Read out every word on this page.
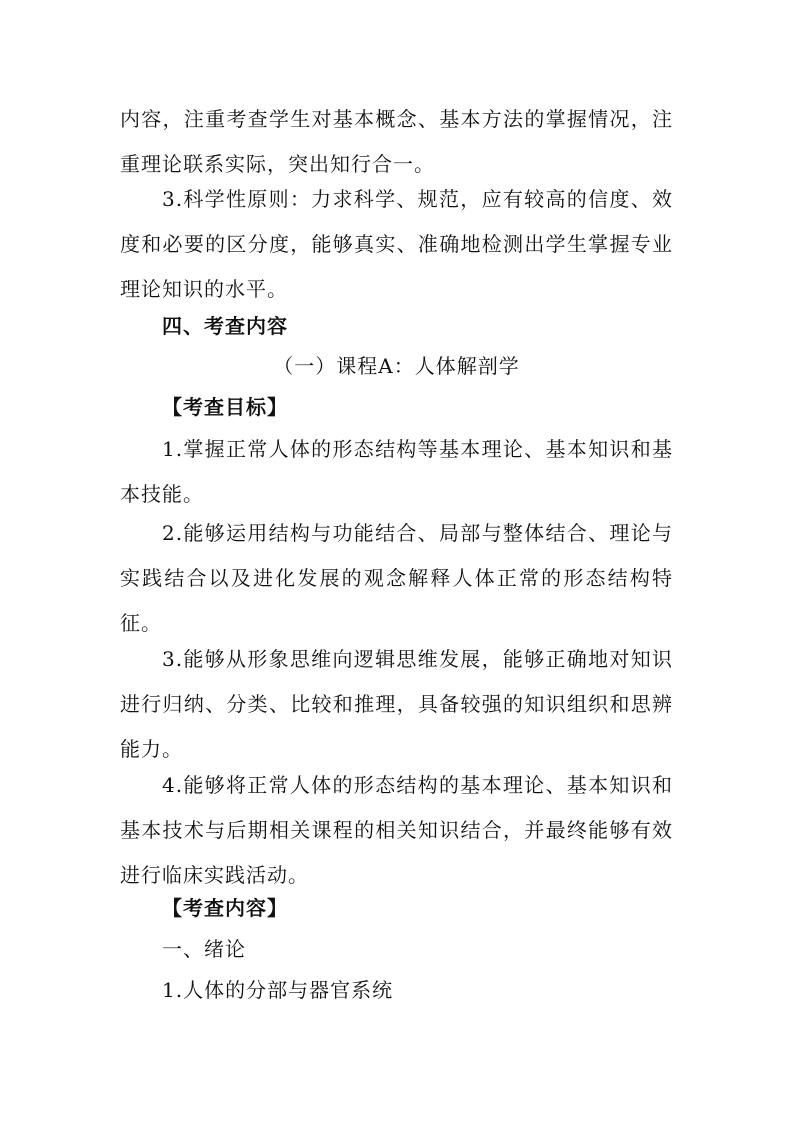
内容，注重考查学生对基本概念、基本方法的掌握情况，注重理论联系实际，突出知行合一。

3.科学性原则：力求科学、规范，应有较高的信度、效度和必要的区分度，能够真实、准确地检测出学生掌握专业理论知识的水平。

四、考查内容

（一）课程A：人体解剖学

【考查目标】

1.掌握正常人体的形态结构等基本理论、基本知识和基本技能。

2.能够运用结构与功能结合、局部与整体结合、理论与实践结合以及进化发展的观念解释人体正常的形态结构特征。

3.能够从形象思维向逻辑思维发展，能够正确地对知识进行归纳、分类、比较和推理，具备较强的知识组织和思辨能力。

4.能够将正常人体的形态结构的基本理论、基本知识和基本技术与后期相关课程的相关知识结合，并最终能够有效进行临床实践活动。

【考查内容】

一、绪论

1.人体的分部与器官系统
